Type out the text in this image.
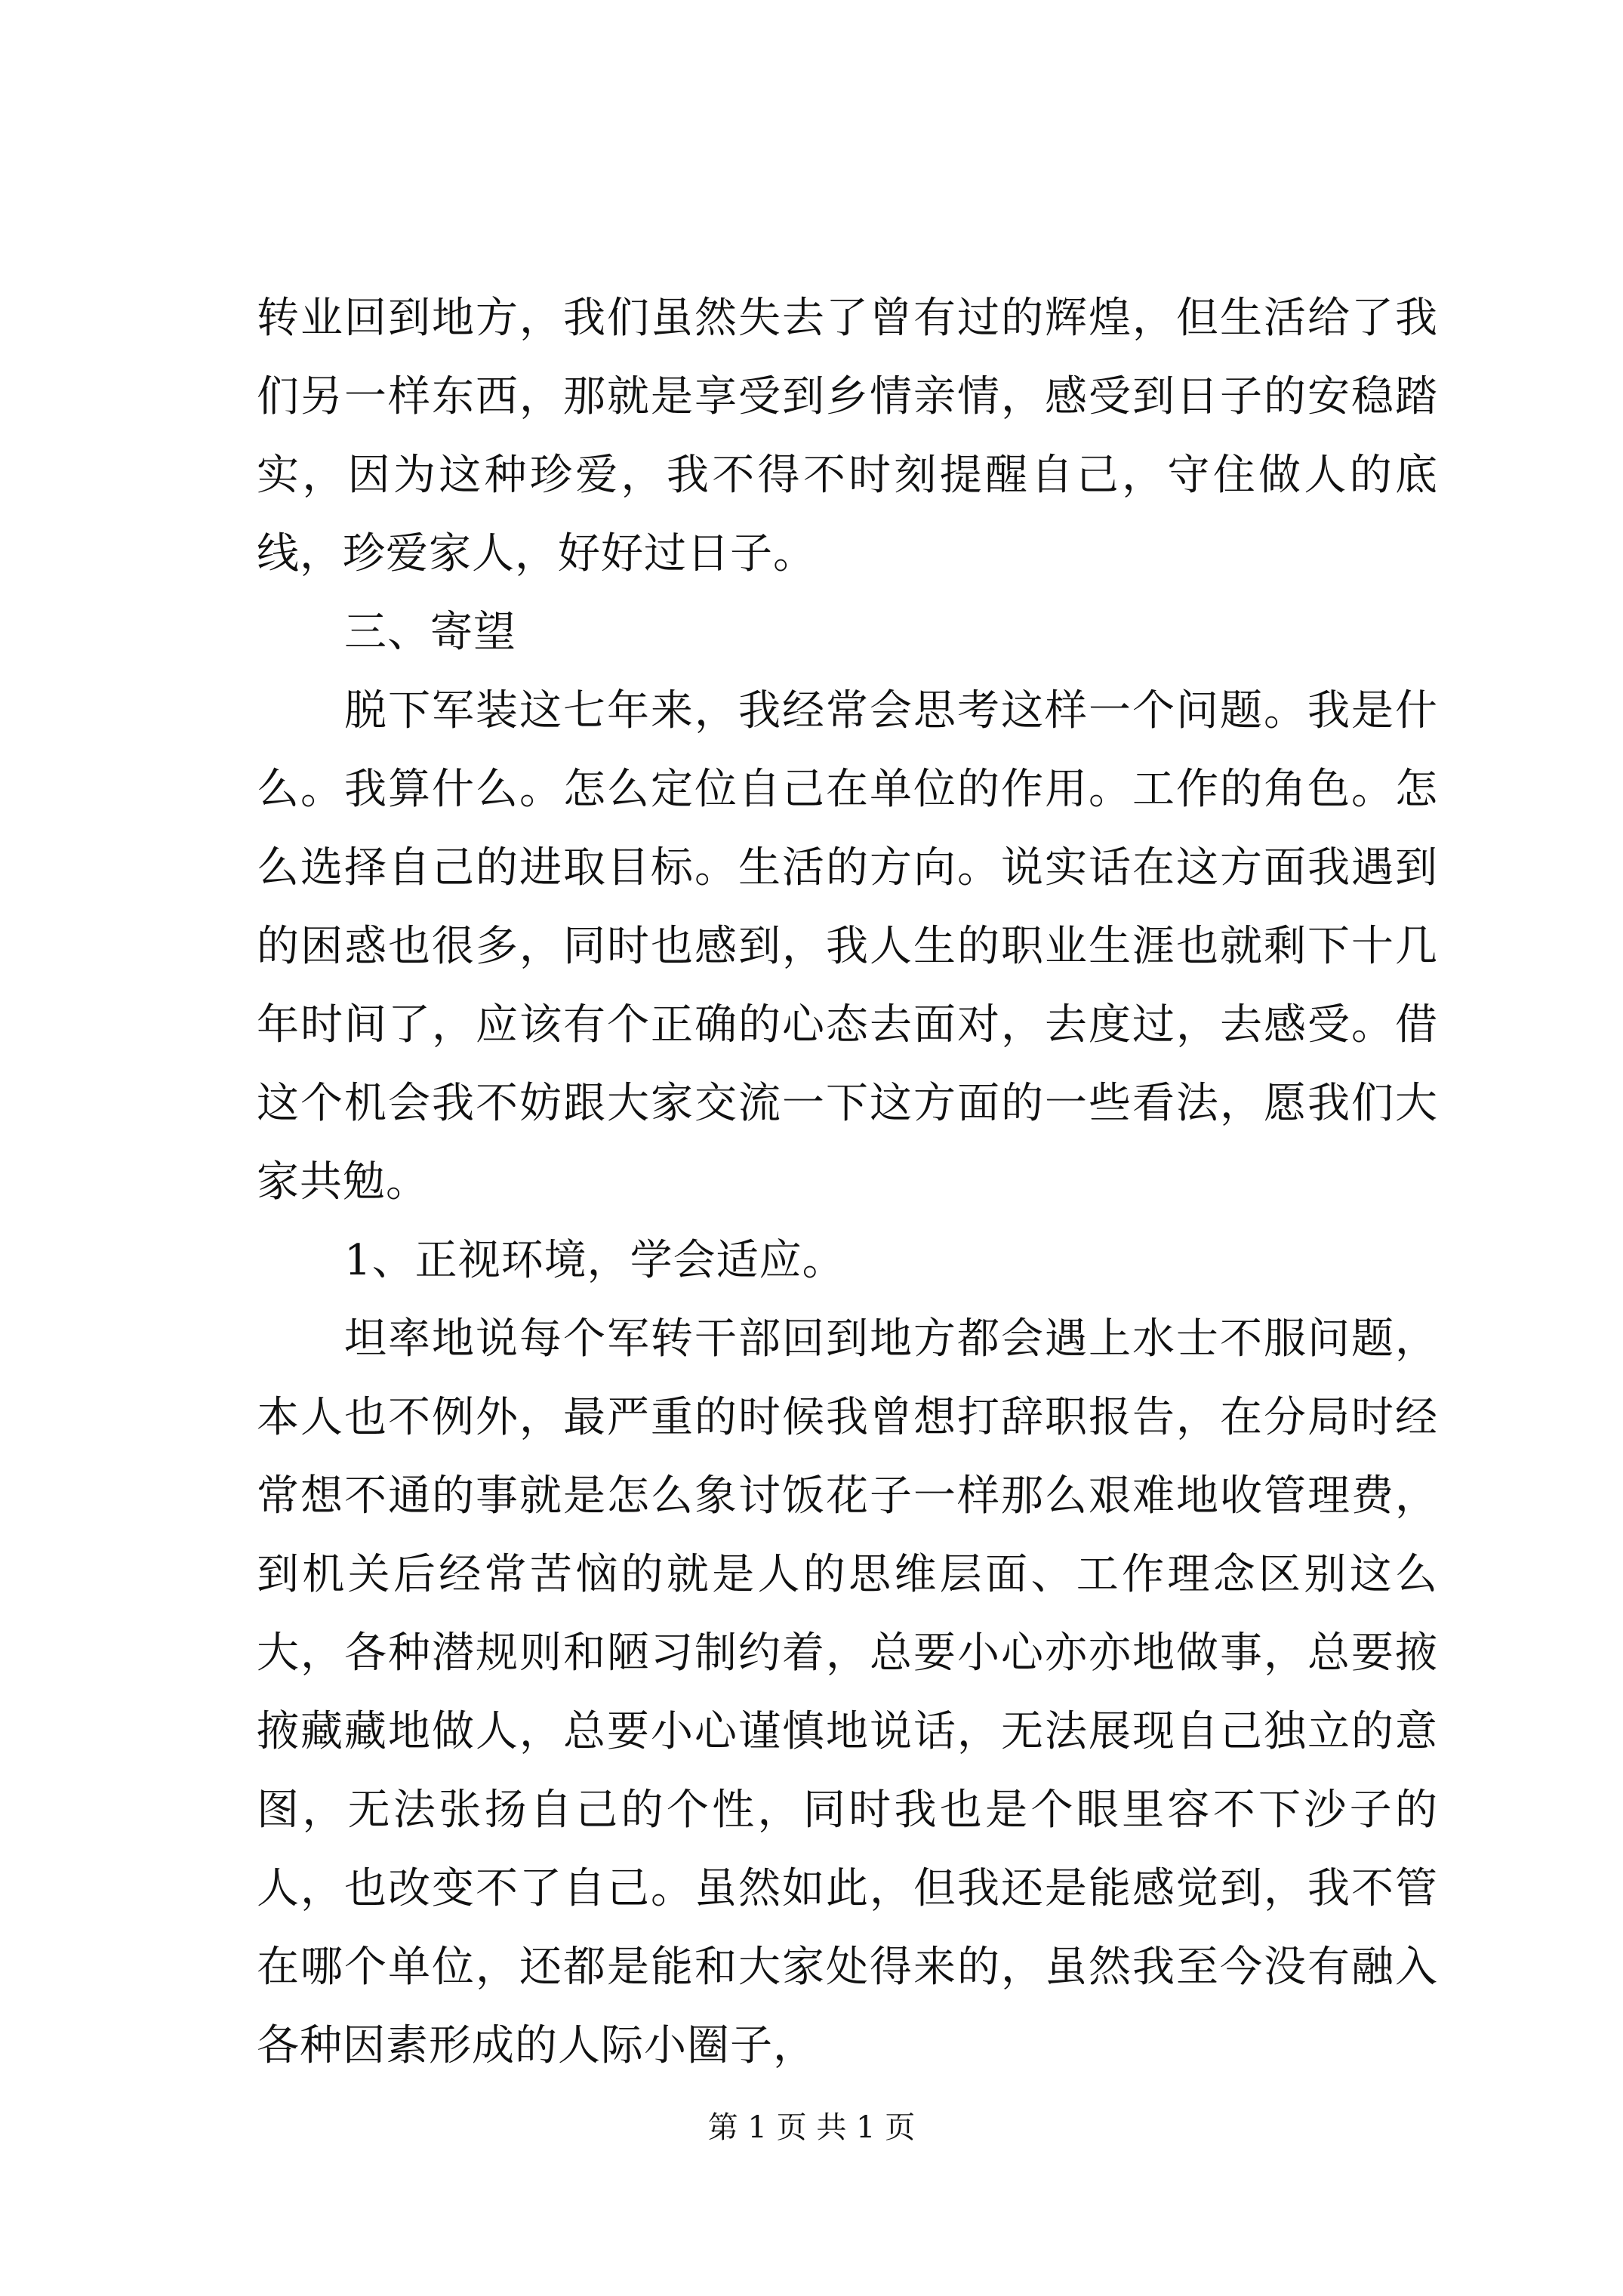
转业回到地方，我们虽然失去了曾有过的辉煌，但生活给了我们另一样东西，那就是享受到乡情亲情，感受到日子的安稳踏实，因为这种珍爱，我不得不时刻提醒自己，守住做人的底线，珍爱家人，好好过日子。

三、寄望

脱下军装这七年来，我经常会思考这样一个问题。我是什么。我算什么。怎么定位自己在单位的作用。工作的角色。怎么选择自己的进取目标。生活的方向。说实话在这方面我遇到的困惑也很多，同时也感到，我人生的职业生涯也就剩下十几年时间了，应该有个正确的心态去面对，去度过，去感受。借这个机会我不妨跟大家交流一下这方面的一些看法，愿我们大家共勉。

1、正视环境，学会适应。

坦率地说每个军转干部回到地方都会遇上水士不服问题，本人也不例外，最严重的时候我曾想打辞职报告，在分局时经常想不通的事就是怎么象讨饭花子一样那么艰难地收管理费，到机关后经常苦恼的就是人的思维层面、工作理念区别这么大，各种潜规则和陋习制约着，总要小心亦亦地做事，总要掖掖藏藏地做人，总要小心谨慎地说话，无法展现自己独立的意图，无法张扬自己的个性，同时我也是个眼里容不下沙子的人，也改变不了自己。虽然如此，但我还是能感觉到，我不管在哪个单位，还都是能和大家处得来的，虽然我至今没有融入各种因素形成的人际小圈子，

第 1 页 共 1 页
